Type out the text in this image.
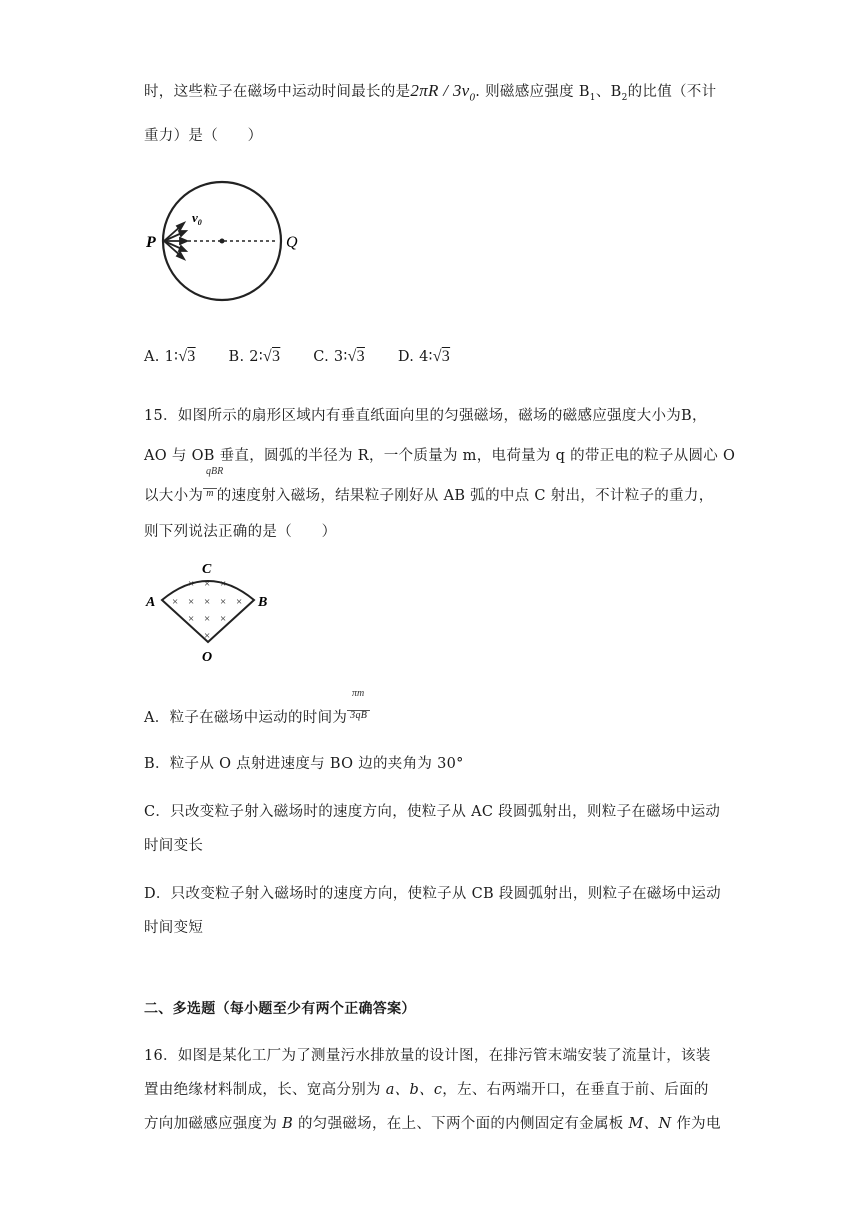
时，这些粒子在磁场中运动时间最长的是$2\pi R / 3v_0$. 则磁感应强度 $B_1$、$B_2$的比值（不计
重力）是（　　）
P	Q
$v_0$
A. 1∶√3 B. 2∶√3 C. 3∶√3 D. 4∶√3
15．如图所示的扇形区域内有垂直纸面向里的匀强磁场，磁场的磁感应强度大小为B，
AO 与 OB 垂直，圆弧的半径为 R，一个质量为 m，电荷量为 q 的带正电的粒子从圆心 O
qBR
以大小为 m 的速度射入磁场，结果粒子刚好从 AB 弧的中点 C 射出，不计粒子的重力，
则下列说法正确的是（　　）
× × ×
× × × × ×
× × ×
×
C
A	B
O
πm
A．粒子在磁场中运动的时间为 3qB
B．粒子从 O 点射进速度与 BO 边的夹角为 30°
C．只改变粒子射入磁场时的速度方向，使粒子从 AC 段圆弧射出，则粒子在磁场中运动
时间变长
D．只改变粒子射入磁场时的速度方向，使粒子从 CB 段圆弧射出，则粒子在磁场中运动
时间变短
二、多选题（每小题至少有两个正确答案）
16．如图是某化工厂为了测量污水排放量的设计图，在排污管末端安装了流量计，该装
置由绝缘材料制成，长、宽高分别为 a、b、c，左、右两端开口，在垂直于前、后面的
方向加磁感应强度为 B 的匀强磁场，在上、下两个面的内侧固定有金属板 M、N 作为电
